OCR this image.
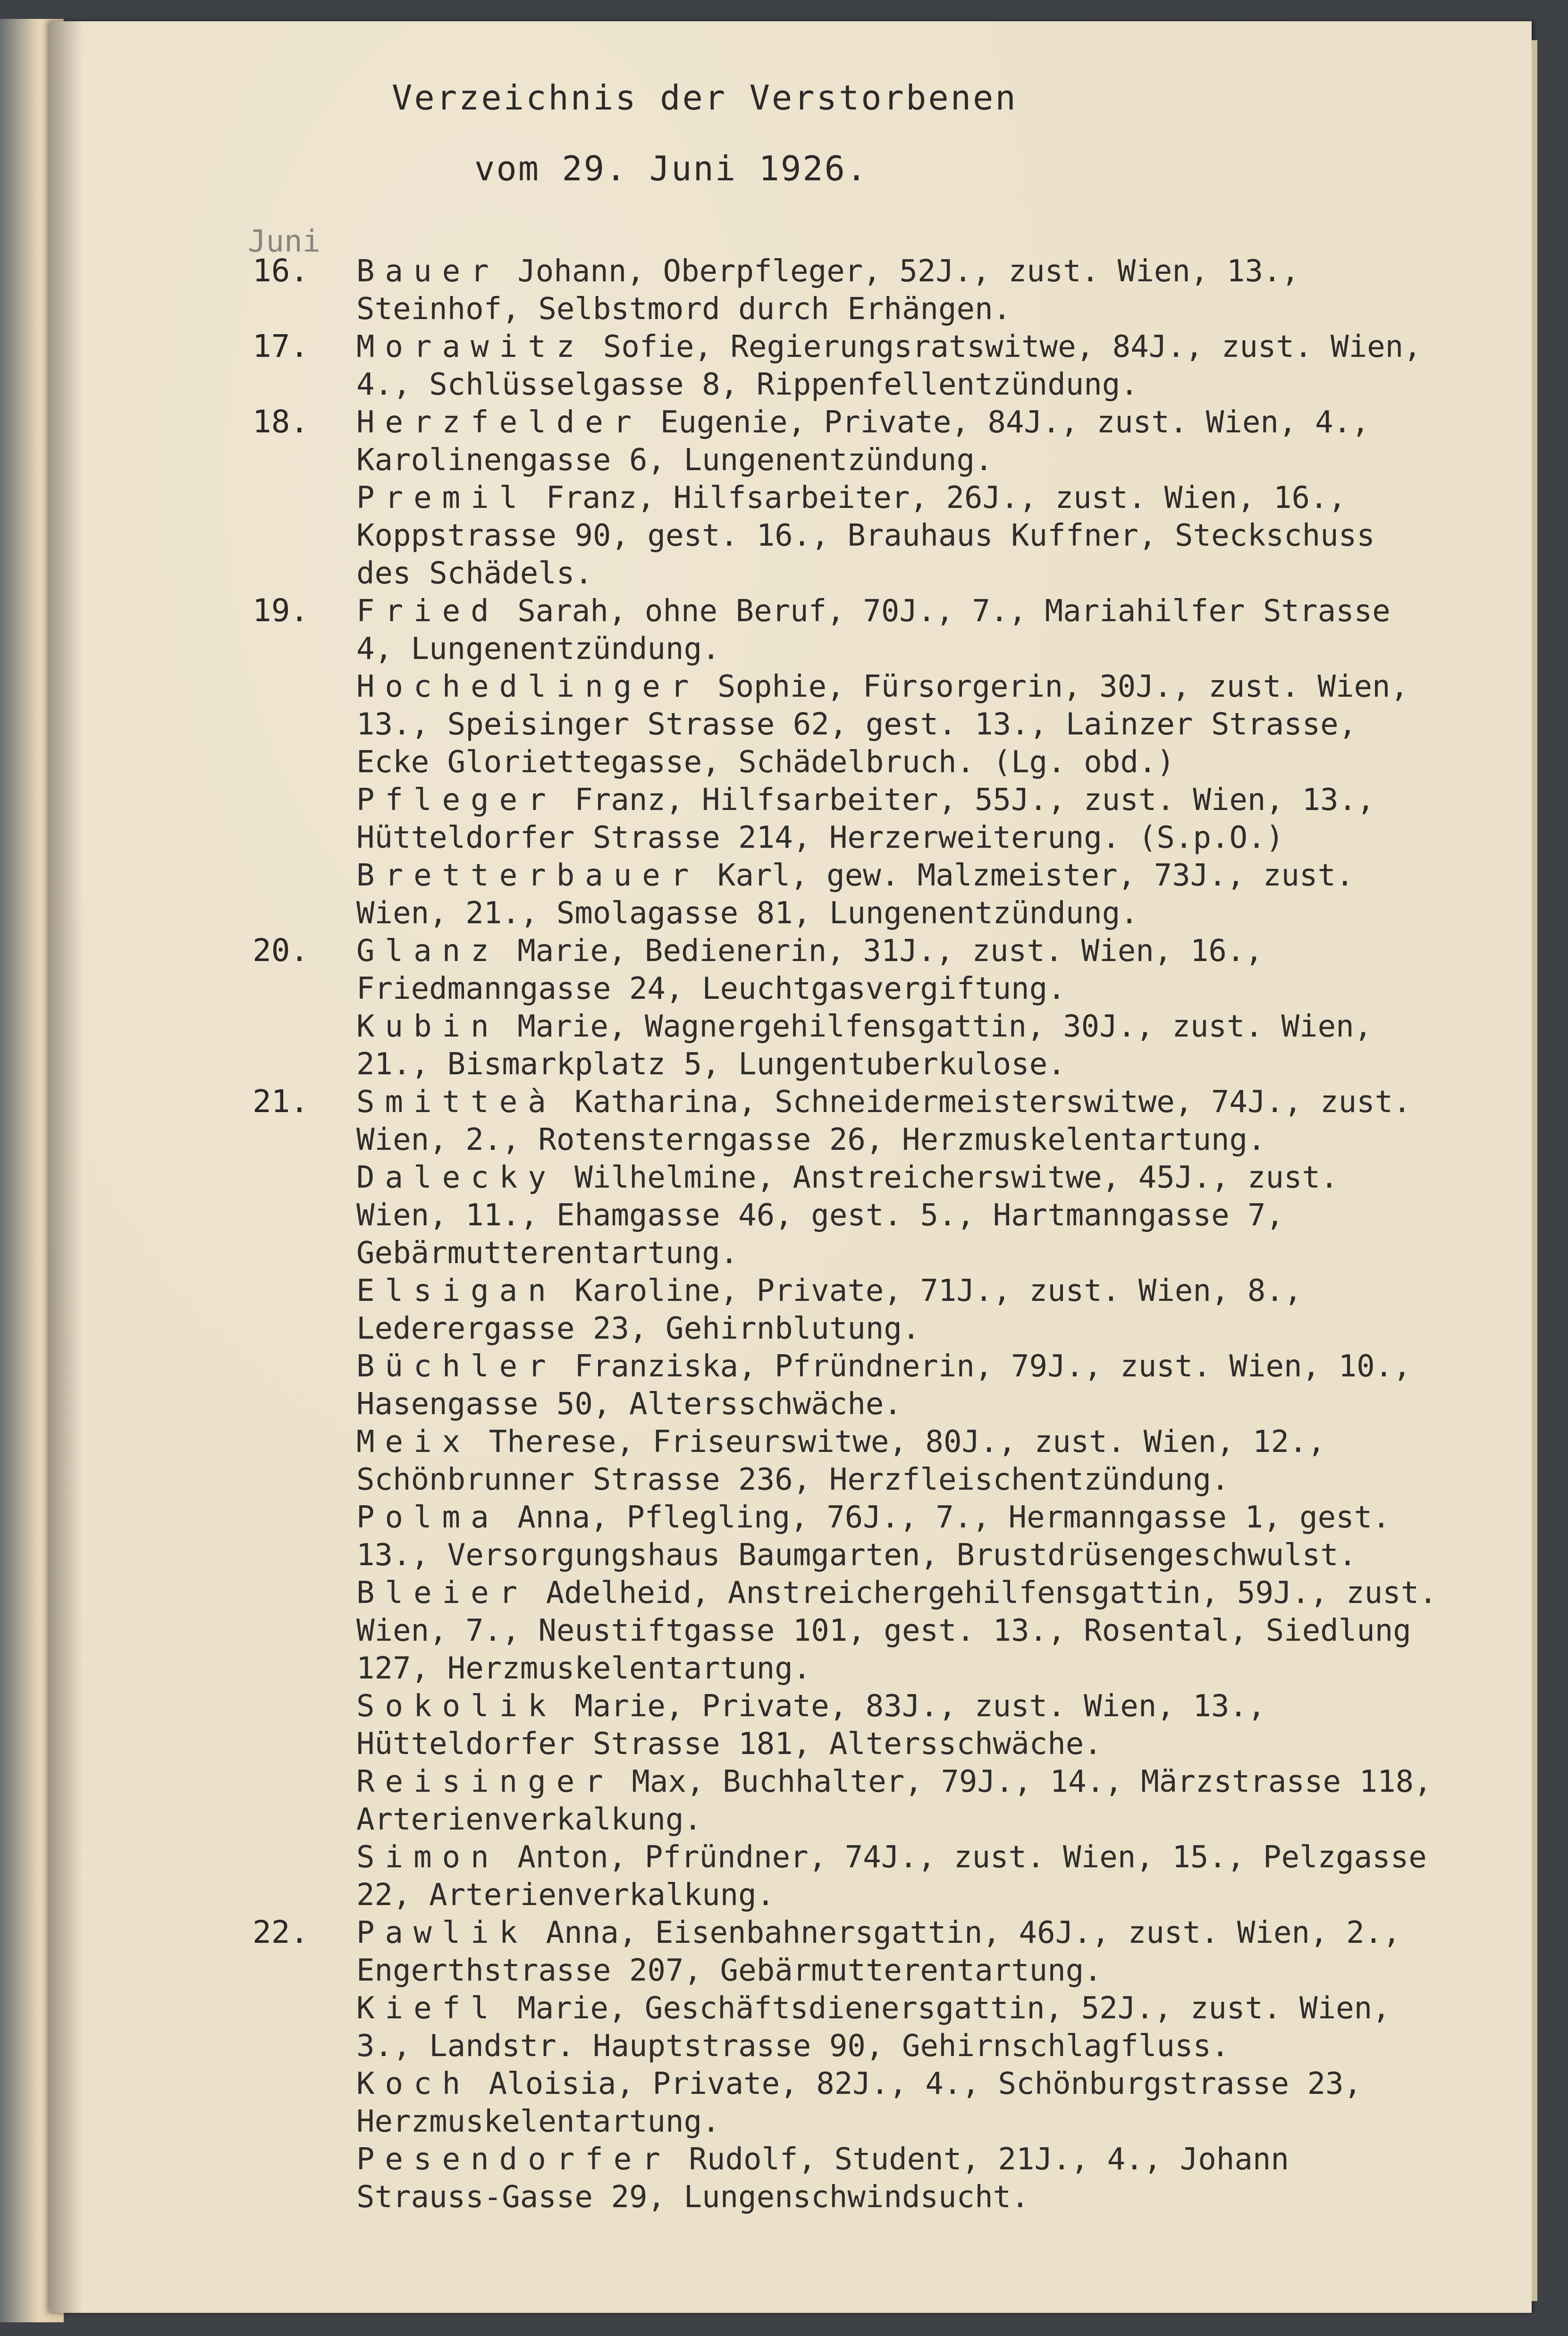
Verzeichnis der Verstorbenen
vom 29. Juni 1926.
Juni
16. Bauer Johann, Oberpfleger, 52J., zust. Wien, 13., Steinhof, Selbstmord durch Erhängen.
17. Morawitz Sofie, Regierungsratswitwe, 84J., zust. Wien, 4., Schlüsselgasse 8, Rippenfellentzündung.
18. Herzfelder Eugenie, Private, 84J., zust. Wien, 4., Karolinengasse 6, Lungenentzündung.
Premil Franz, Hilfsarbeiter, 26J., zust. Wien, 16., Koppstrasse 90, gest. 16., Brauhaus Kuffner, Steckschuss des Schädels.
19. Fried Sarah, ohne Beruf, 70J., 7., Mariahilfer Strasse 4, Lungenentzündung.
Hochedlinger Sophie, Fürsorgerin, 30J., zust. Wien, 13., Speisinger Strasse 62, gest. 13., Lainzer Strasse, Ecke Gloriettegasse, Schädelbruch. (Lg. obd.)
Pfleger Franz, Hilfsarbeiter, 55J., zust. Wien, 13., Hütteldorfer Strasse 214, Herzerweiterung. (S.p.O.)
Bretterbauer Karl, gew. Malzmeister, 73J., zust. Wien, 21., Smolagasse 81, Lungenentzündung.
20. Glanz Marie, Bedienerin, 31J., zust. Wien, 16., Friedmanngasse 24, Leuchtgasvergiftung.
Kubin Marie, Wagnergehilfensgattin, 30J., zust. Wien, 21., Bismarkplatz 5, Lungentuberkulose.
21. Smitteà Katharina, Schneidermeisterswitwe, 74J., zust. Wien, 2., Rotensterngasse 26, Herzmuskelentartung.
Dalecky Wilhelmine, Anstreicherswitwe, 45J., zust. Wien, 11., Ehamgasse 46, gest. 5., Hartmanngasse 7, Gebärmutterentartung.
Elsigan Karoline, Private, 71J., zust. Wien, 8., Lederergasse 23, Gehirnblutung.
Büchler Franziska, Pfründnerin, 79J., zust. Wien, 10., Hasengasse 50, Altersschwäche.
Meix Therese, Friseurswitwe, 80J., zust. Wien, 12., Schönbrunner Strasse 236, Herzfleischentzündung.
Polma Anna, Pflegling, 76J., 7., Hermanngasse 1, gest. 13., Versorgungshaus Baumgarten, Brustdrüsengeschwulst.
Bleier Adelheid, Anstreichergehilfensgattin, 59J., zust. Wien, 7., Neustiftgasse 101, gest. 13., Rosental, Siedlung 127, Herzmuskelentartung.
Sokolik Marie, Private, 83J., zust. Wien, 13., Hütteldorfer Strasse 181, Altersschwäche.
Reisinger Max, Buchhalter, 79J., 14., Märzstrasse 118, Arterienverkalkung.
Simon Anton, Pfründner, 74J., zust. Wien, 15., Pelzgasse 22, Arterienverkalkung.
22. Pawlik Anna, Eisenbahnersgattin, 46J., zust. Wien, 2., Engerthstrasse 207, Gebärmutterentartung.
Kiefl Marie, Geschäftsdienersgattin, 52J., zust. Wien, 3., Landstr. Hauptstrasse 90, Gehirnschlagfluss.
Koch Aloisia, Private, 82J., 4., Schönburgstrasse 23, Herzmuskelentartung.
Pesendorfer Rudolf, Student, 21J., 4., Johann Strauss-Gasse 29, Lungenschwindsucht.
